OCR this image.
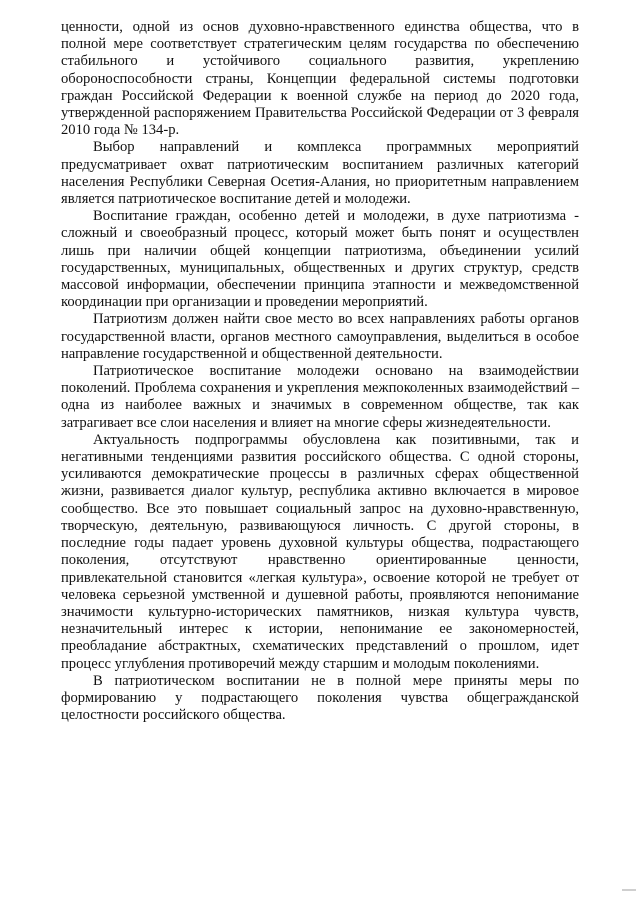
ценности, одной из основ духовно-нравственного единства общества, что в полной мере соответствует стратегическим целям государства по обеспечению стабильного и устойчивого социального развития, укреплению обороноспособности страны, Концепции федеральной системы подготовки граждан Российской Федерации к военной службе на период до 2020 года, утвержденной распоряжением Правительства Российской Федерации от 3 февраля 2010 года № 134-р.

Выбор направлений и комплекса программных мероприятий предусматривает охват патриотическим воспитанием различных категорий населения Республики Северная Осетия-Алания, но приоритетным направлением является патриотическое воспитание детей и молодежи.

Воспитание граждан, особенно детей и молодежи, в духе патриотизма - сложный и своеобразный процесс, который может быть понят и осуществлен лишь при наличии общей концепции патриотизма, объединении усилий государственных, муниципальных, общественных и других структур, средств массовой информации, обеспечении принципа этапности и межведомственной координации при организации и проведении мероприятий.

Патриотизм должен найти свое место во всех направлениях работы органов государственной власти, органов местного самоуправления, выделиться в особое направление государственной и общественной деятельности.

Патриотическое воспитание молодежи основано на взаимодействии поколений. Проблема сохранения и укрепления межпоколенных взаимодействий – одна из наиболее важных и значимых в современном обществе, так как затрагивает все слои населения и влияет на многие сферы жизнедеятельности.

Актуальность подпрограммы обусловлена как позитивными, так и негативными тенденциями развития российского общества. С одной стороны, усиливаются демократические процессы в различных сферах общественной жизни, развивается диалог культур, республика активно включается в мировое сообщество. Все это повышает социальный запрос на духовно-нравственную, творческую, деятельную, развивающуюся личность. С другой стороны, в последние годы падает уровень духовной культуры общества, подрастающего поколения, отсутствуют нравственно ориентированные ценности, привлекательной становится «легкая культура», освоение которой не требует от человека серьезной умственной и душевной работы, проявляются непонимание значимости культурно-исторических памятников, низкая культура чувств, незначительный интерес к истории, непонимание ее закономерностей, преобладание абстрактных, схематических представлений о прошлом, идет процесс углубления противоречий между старшим и молодым поколениями.

В патриотическом воспитании не в полной мере приняты меры по формированию у подрастающего поколения чувства общегражданской целостности российского общества.
